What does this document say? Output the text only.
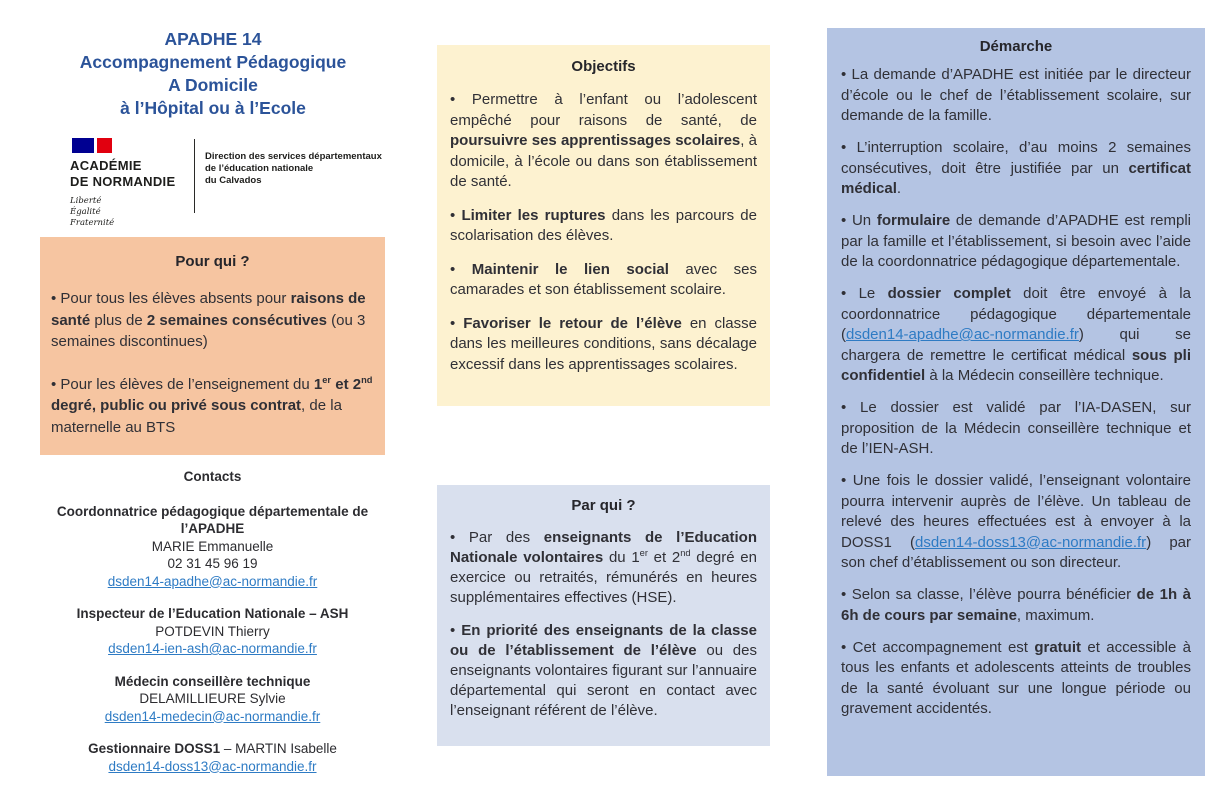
APADHE 14
Accompagnement Pédagogique
A Domicile
à l’Hôpital ou à l’Ecole
ACADÉMIE
DE NORMANDIE
Liberté
Égalité
Fraternité
Direction des services départementaux
de l’éducation nationale
du Calvados

Pour qui ?

• Pour tous les élèves absents pour raisons de santé plus de 2 semaines consécutives (ou 3 semaines discontinues)

• Pour les élèves de l’enseignement du 1er et 2nd degré, public ou privé sous contrat, de la maternelle au BTS

Contacts

Coordonnatrice pédagogique départementale de l’APADHE

MARIE Emmanuelle

02 31 45 96 19

dsden14-apadhe@ac-normandie.fr

Inspecteur de l’Education Nationale – ASH

POTDEVIN Thierry

dsden14-ien-ash@ac-normandie.fr

Médecin conseillère technique

DELAMILLIEURE Sylvie

dsden14-medecin@ac-normandie.fr

Gestionnaire DOSS1 – MARTIN Isabelle

dsden14-doss13@ac-normandie.fr

Objectifs

• Permettre à l’enfant ou l’adolescent empêché pour raisons de santé, de poursuivre ses apprentissages scolaires, à domicile, à l’école ou dans son établissement de santé.

• Limiter les ruptures dans les parcours de scolarisation des élèves.

• Maintenir le lien social avec ses camarades et son établissement scolaire.

• Favoriser le retour de l’élève en classe dans les meilleures conditions, sans décalage excessif dans les apprentissages scolaires.

Par qui ?

• Par des enseignants de l’Education Nationale volontaires du 1er et 2nd degré en exercice ou retraités, rémunérés en heures supplémentaires effectives (HSE).

• En priorité des enseignants de la classe ou de l’établissement de l’élève ou des enseignants volontaires figurant sur l’annuaire départemental qui seront en contact avec l’enseignant référent de l’élève.

Démarche

• La demande d’APADHE est initiée par le directeur d’école ou le chef de l’établissement scolaire, sur demande de la famille.

• L’interruption scolaire, d’au moins 2 semaines consécutives, doit être justifiée par un certificat médical.

• Un formulaire de demande d’APADHE est rempli par la famille et l’établissement, si besoin avec l’aide de la coordonnatrice pédagogique départementale.

• Le dossier complet doit être envoyé à la coordonnatrice pédagogique départementale (dsden14-apadhe@ac-normandie.fr) qui se chargera de remettre le certificat médical sous pli confidentiel à la Médecin conseillère technique.

• Le dossier est validé par l’IA-DASEN, sur proposition de la Médecin conseillère technique et de l’IEN-ASH.

• Une fois le dossier validé, l’enseignant volontaire pourra intervenir auprès de l’élève. Un tableau de relevé des heures effectuées est à envoyer à la DOSS1 (dsden14-doss13@ac-normandie.fr) par son chef d’établissement ou son directeur.

• Selon sa classe, l’élève pourra bénéficier de 1h à 6h de cours par semaine, maximum.

• Cet accompagnement est gratuit et accessible à tous les enfants et adolescents atteints de troubles de la santé évoluant sur une longue période ou gravement accidentés.
